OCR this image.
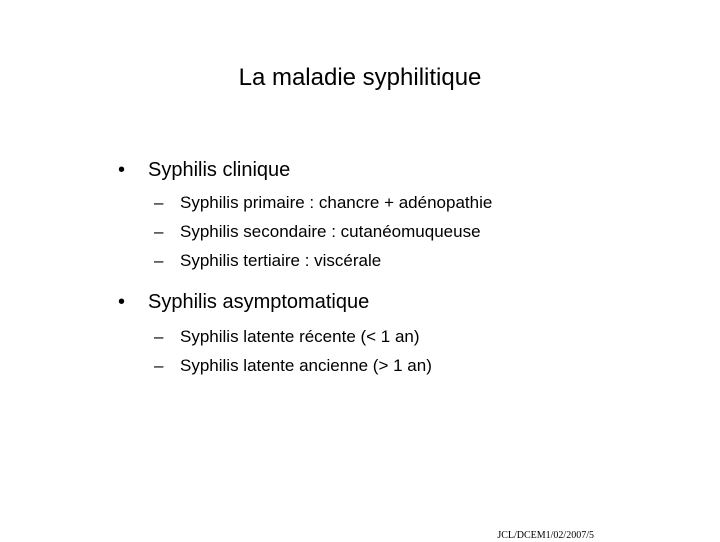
La maladie syphilitique
• Syphilis clinique
– Syphilis primaire : chancre + adénopathie
– Syphilis secondaire : cutanéomuqueuse
– Syphilis tertiaire : viscérale
• Syphilis asymptomatique
– Syphilis latente récente (< 1 an)
– Syphilis latente ancienne (> 1 an)
JCL/DCEM1/02/2007/5
